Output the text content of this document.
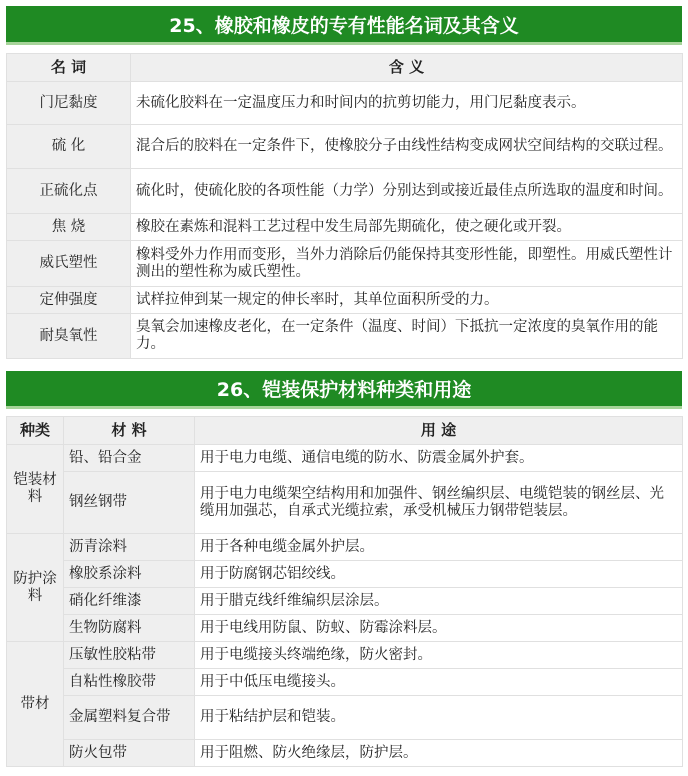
25、橡胶和橡皮的专有性能名词及其含义
名 词	含 义
门尼黏度	未硫化胶料在一定温度压力和时间内的抗剪切能力，用门尼黏度表示。
硫 化	混合后的胶料在一定条件下，使橡胶分子由线性结构变成网状空间结构的交联过程。
正硫化点	硫化时，使硫化胶的各项性能（力学）分别达到或接近最佳点所选取的温度和时间。
焦 烧	橡胶在素炼和混料工艺过程中发生局部先期硫化，使之硬化或开裂。
威氏塑性	橡料受外力作用而变形，当外力消除后仍能保持其变形性能，即塑性。用威氏塑性计测出的塑性称为威氏塑性。
定伸强度	试样拉伸到某一规定的伸长率时，其单位面积所受的力。
耐臭氧性	臭氧会加速橡皮老化，在一定条件（温度、时间）下抵抗一定浓度的臭氧作用的能力。
26、铠装保护材料种类和用途
种类	材 料	用 途
铠装材料	铅、铅合金	用于电力电缆、通信电缆的防水、防震金属外护套。
	钢丝钢带	用于电力电缆架空结构用和加强件、钢丝编织层、电缆铠装的钢丝层、光缆用加强芯，自承式光缆拉索，承受机械压力钢带铠装层。
防护涂料	沥青涂料	用于各种电缆金属外护层。
	橡胶系涂料	用于防腐钢芯铝绞线。
	硝化纤维漆	用于腊克线纤维编织层涂层。
	生物防腐料	用于电线用防鼠、防蚁、防霉涂料层。
带材	压敏性胶粘带	用于电缆接头终端绝缘，防火密封。
	自粘性橡胶带	用于中低压电缆接头。
	金属塑料复合带	用于粘结护层和铠装。
	防火包带	用于阻燃、防火绝缘层，防护层。
